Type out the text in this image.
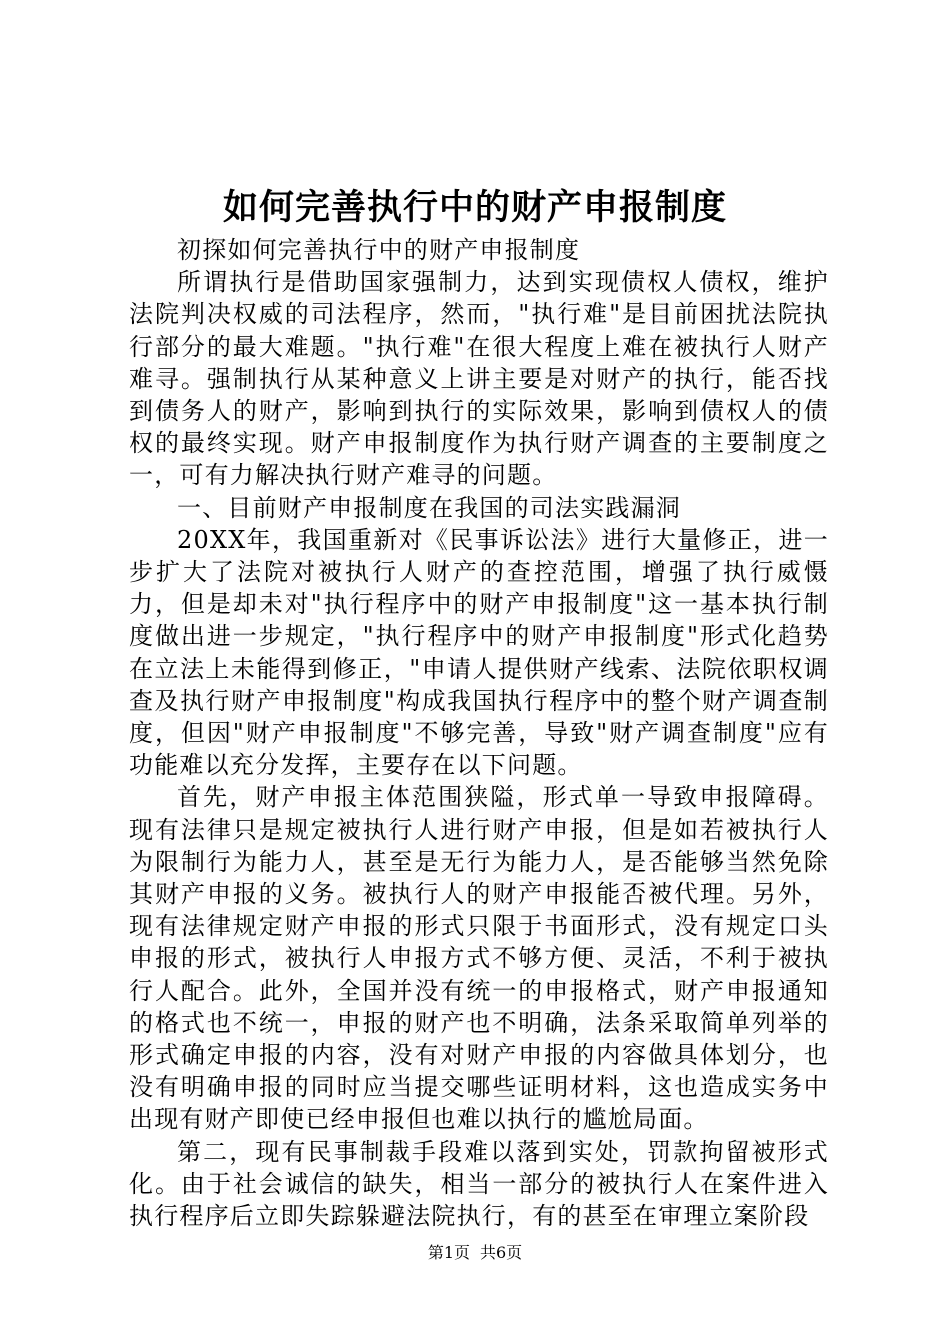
如何完善执行中的财产申报制度

初探如何完善执行中的财产申报制度

所谓执行是借助国家强制力，达到实现债权人债权，维护法院判决权威的司法程序，然而，"执行难"是目前困扰法院执行部分的最大难题。"执行难"在很大程度上难在被执行人财产难寻。强制执行从某种意义上讲主要是对财产的执行，能否找到债务人的财产，影响到执行的实际效果，影响到债权人的债权的最终实现。财产申报制度作为执行财产调查的主要制度之一，可有力解决执行财产难寻的问题。

一、目前财产申报制度在我国的司法实践漏洞

20XX年，我国重新对《民事诉讼法》进行大量修正，进一步扩大了法院对被执行人财产的查控范围，增强了执行威慑力，但是却未对"执行程序中的财产申报制度"这一基本执行制度做出进一步规定，"执行程序中的财产申报制度"形式化趋势在立法上未能得到修正，"申请人提供财产线索、法院依职权调查及执行财产申报制度"构成我国执行程序中的整个财产调查制度，但因"财产申报制度"不够完善，导致"财产调查制度"应有功能难以充分发挥，主要存在以下问题。

首先，财产申报主体范围狭隘，形式单一导致申报障碍。现有法律只是规定被执行人进行财产申报，但是如若被执行人为限制行为能力人，甚至是无行为能力人，是否能够当然免除其财产申报的义务。被执行人的财产申报能否被代理。另外，现有法律规定财产申报的形式只限于书面形式，没有规定口头申报的形式，被执行人申报方式不够方便、灵活，不利于被执行人配合。此外，全国并没有统一的申报格式，财产申报通知的格式也不统一，申报的财产也不明确，法条采取简单列举的形式确定申报的内容，没有对财产申报的内容做具体划分，也没有明确申报的同时应当提交哪些证明材料，这也造成实务中出现有财产即使已经申报但也难以执行的尴尬局面。

第二，现有民事制裁手段难以落到实处，罚款拘留被形式化。由于社会诚信的缺失，相当一部分的被执行人在案件进入执行程序后立即失踪躲避法院执行，有的甚至在审理立案阶段

第1页 共6页
